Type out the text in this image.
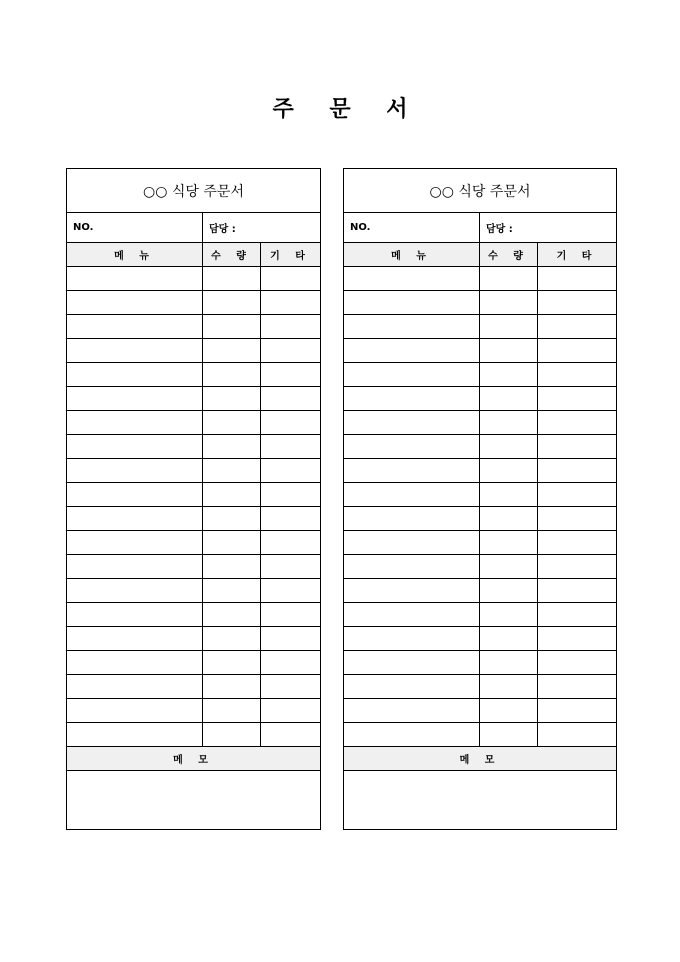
주 문 서
○○ 식당 주문서		
NO.	담당 :	
메 뉴	수 량	기 타

메 모		

○○ 식당 주문서		
NO.	담당 :	
메 뉴	수 량	기 타

메 모		
